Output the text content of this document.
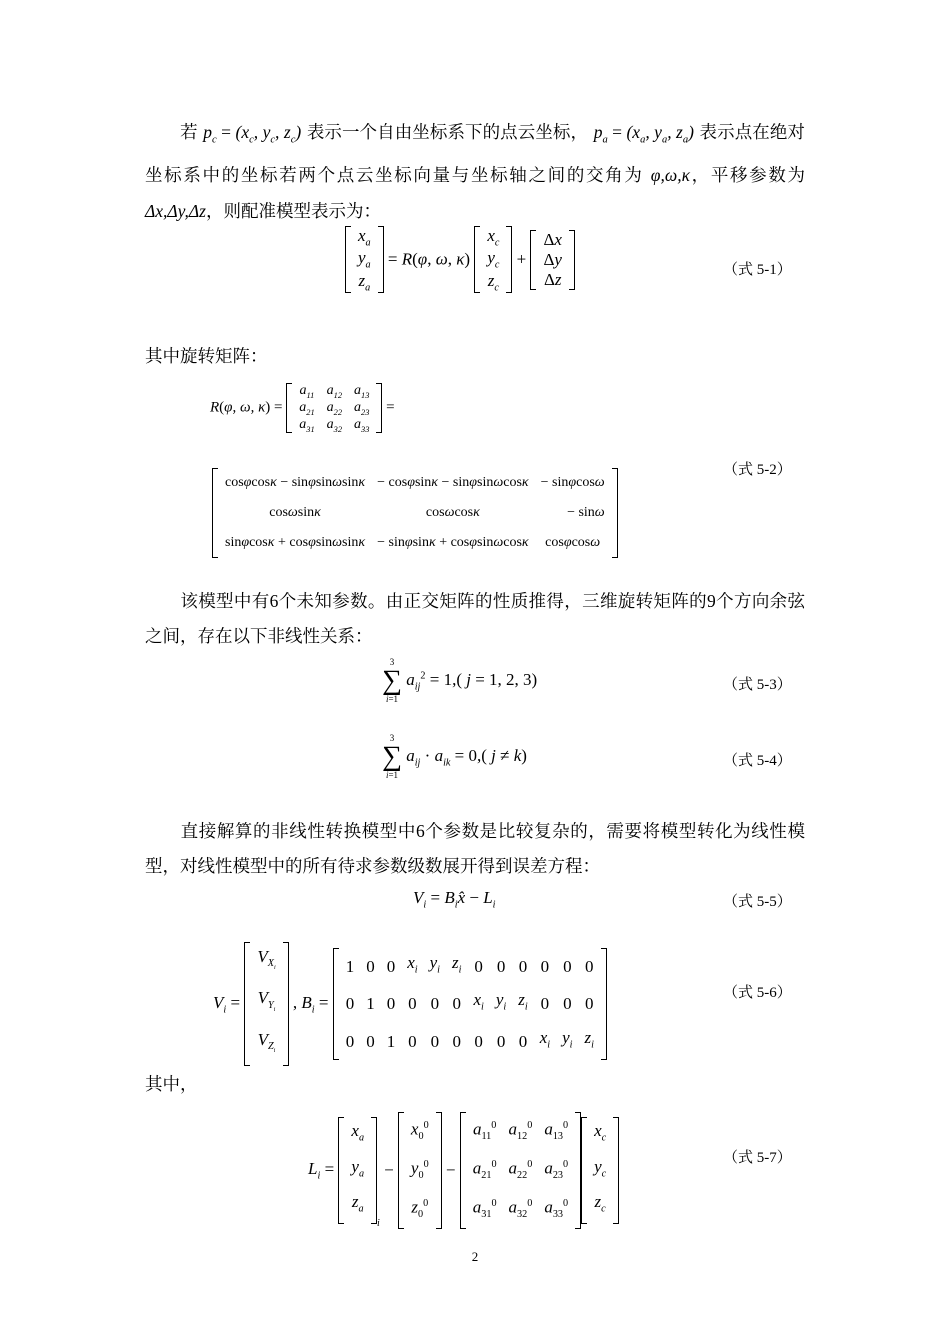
若 $p_c = (x_c$, $y_c$, $z_c$) 表示一个自由坐标系下的点云坐标， $p_a = (x_a$, $y_a$, $z_a$) 表示点在绝对坐标系中的坐标若两个点云坐标向量与坐标轴之间的交角为 φ,ω,κ，平移参数为Δx,Δy,Δz，则配准模型表示为：
$x_a$
$y_a$
$z_a$
= R(φ, ω, κ)
$x_c$
$y_c$
$z_c$
+
Δx
Δy
Δz	（式 5-1）
其中旋转矩阵：
R(φ, ω, κ) =
$a_{11}$	$a_{12}$	$a_{13}$
$a_{21}$	$a_{22}$	$a_{23}$
$a_{31}$	$a_{32}$	$a_{33}$
=
cosφcosκ − sinφsinωsinκ	− cosφsinκ − sinφsinωcosκ	− sinφcosω
cosωsinκ	cosωcosκ	− sinω
sinφcosκ + cosφsinωsinκ	− sinφsinκ + cosφsinωcosκ	cosφcosω
（式 5-2）
该模型中有6个未知参数。由正交矩阵的性质推得，三维旋转矩阵的9个方向余弦之间，存在以下非线性关系：
3
∑
i=1
$a_{ij}^2 = 1$,( j = 1, 2, 3)	（式 5-3）
3
∑
i=1
$a_{ij} \cdot a_{ik} = 0$,( j ≠ k)	（式 5-4）
直接解算的非线性转换模型中6个参数是比较复杂的，需要将模型转化为线性模型，对线性模型中的所有待求参数级数展开得到误差方程：
$V_i$ = $B_ix̂ - L_i$	（式 5-5）
$V_i$ =
$V_{X_i}$
$V_{Y_i}$
$V_{Z_i}$
, $B_i$ =
1	0	0	$x_i$	$y_i$	$z_i$	0	0	0	0	0	0
0	1	0	0	0	0	$x_i$	$y_i$	$z_i$	0	0	0
0	0	1	0	0	0	0	0	0	$x_i$	$y_i$	$z_i$
（式 5-6）
其中，
$L_i$ =
$x_a$
$y_a$
$z_a$
i −
$x_0^0$
$y_0^0$
$z_0^0$
−
$a_{11}^0$	$a_{12}^0$	$a_{13}^0$
$a_{21}^0$	$a_{22}^0$	$a_{23}^0$
$a_{31}^0$	$a_{32}^0$	$a_{33}^0$
$x_c$
$y_c$
$z_c$
（式 5-7）
2
